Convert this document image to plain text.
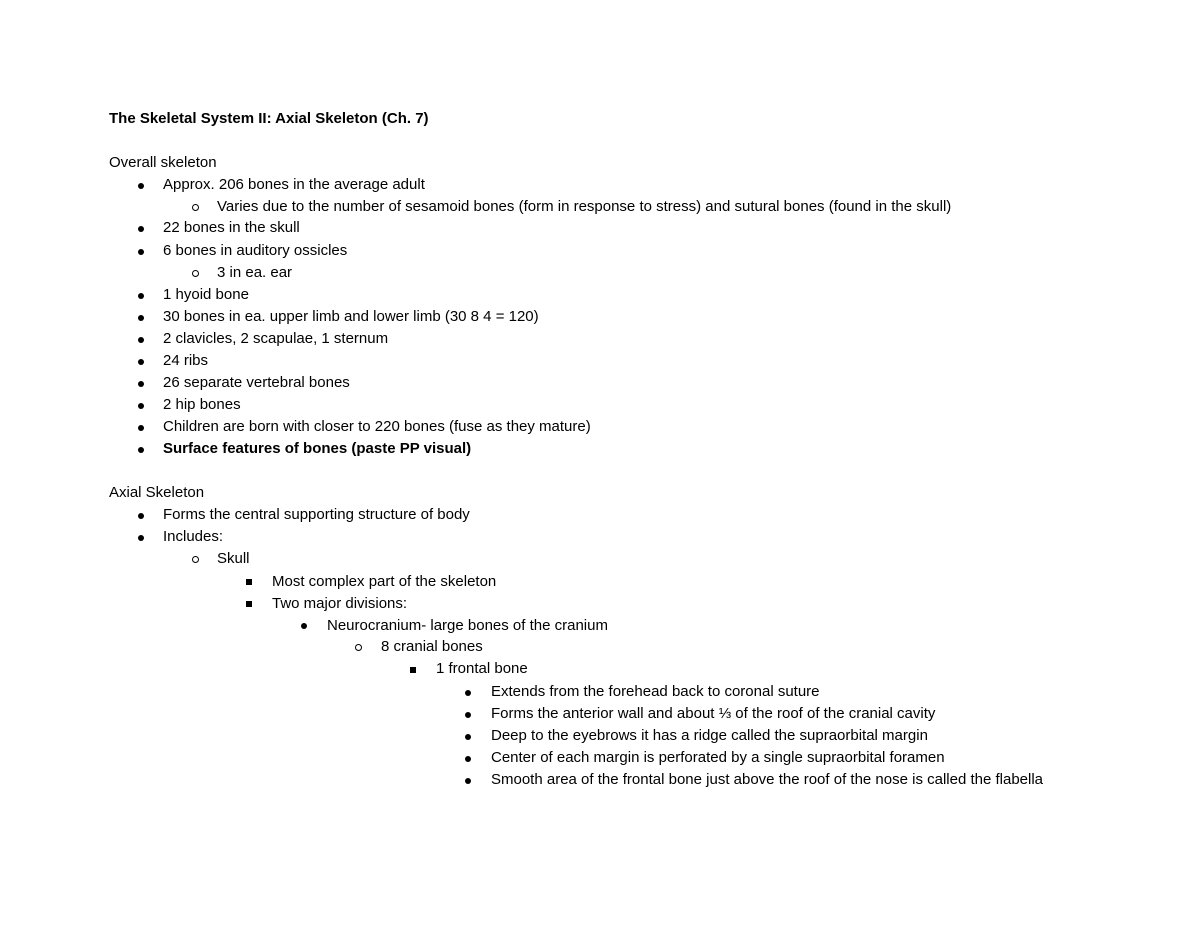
The Skeletal System II: Axial Skeleton (Ch. 7)
Overall skeleton
Approx. 206 bones in the average adult
Varies due to the number of sesamoid bones (form in response to stress) and sutural bones (found in the skull)
22 bones in the skull
6 bones in auditory ossicles
3 in ea. ear
1 hyoid bone
30 bones in ea. upper limb and lower limb (30 8 4 = 120)
2 clavicles, 2 scapulae, 1 sternum
24 ribs
26 separate vertebral bones
2 hip bones
Children are born with closer to 220 bones (fuse as they mature)
Surface features of bones (paste PP visual)
Axial Skeleton
Forms the central supporting structure of body
Includes:
Skull
Most complex part of the skeleton
Two major divisions:
Neurocranium- large bones of the cranium
8 cranial bones
1 frontal bone
Extends from the forehead back to coronal suture
Forms the anterior wall and about ⅓ of the roof of the cranial cavity
Deep to the eyebrows it has a ridge called the supraorbital margin
Center of each margin is perforated by a single supraorbital foramen
Smooth area of the frontal bone just above the roof of the nose is called the flabella
